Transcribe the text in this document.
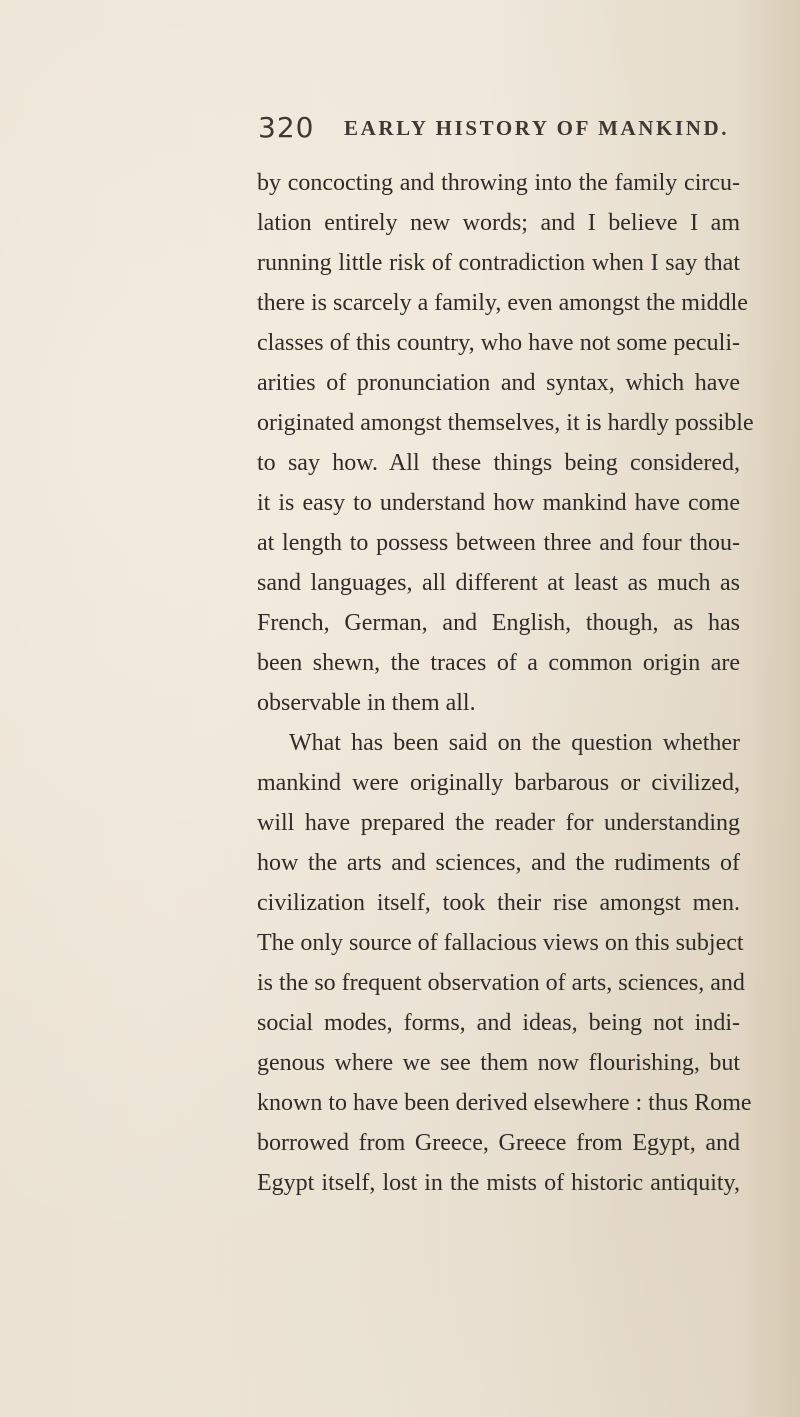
320 EARLY HISTORY OF MANKIND.
by concocting and throwing into the family circu-
lation entirely new words; and I believe I am
running little risk of contradiction when I say that
there is scarcely a family, even amongst the middle
classes of this country, who have not some peculi-
arities of pronunciation and syntax, which have
originated amongst themselves, it is hardly possible
to say how. All these things being considered,
it is easy to understand how mankind have come
at length to possess between three and four thou-
sand languages, all different at least as much as
French, German, and English, though, as has
been shewn, the traces of a common origin are
observable in them all.
What has been said on the question whether
mankind were originally barbarous or civilized,
will have prepared the reader for understanding
how the arts and sciences, and the rudiments of
civilization itself, took their rise amongst men.
The only source of fallacious views on this subject
is the so frequent observation of arts, sciences, and
social modes, forms, and ideas, being not indi-
genous where we see them now flourishing, but
known to have been derived elsewhere : thus Rome
borrowed from Greece, Greece from Egypt, and
Egypt itself, lost in the mists of historic antiquity,
